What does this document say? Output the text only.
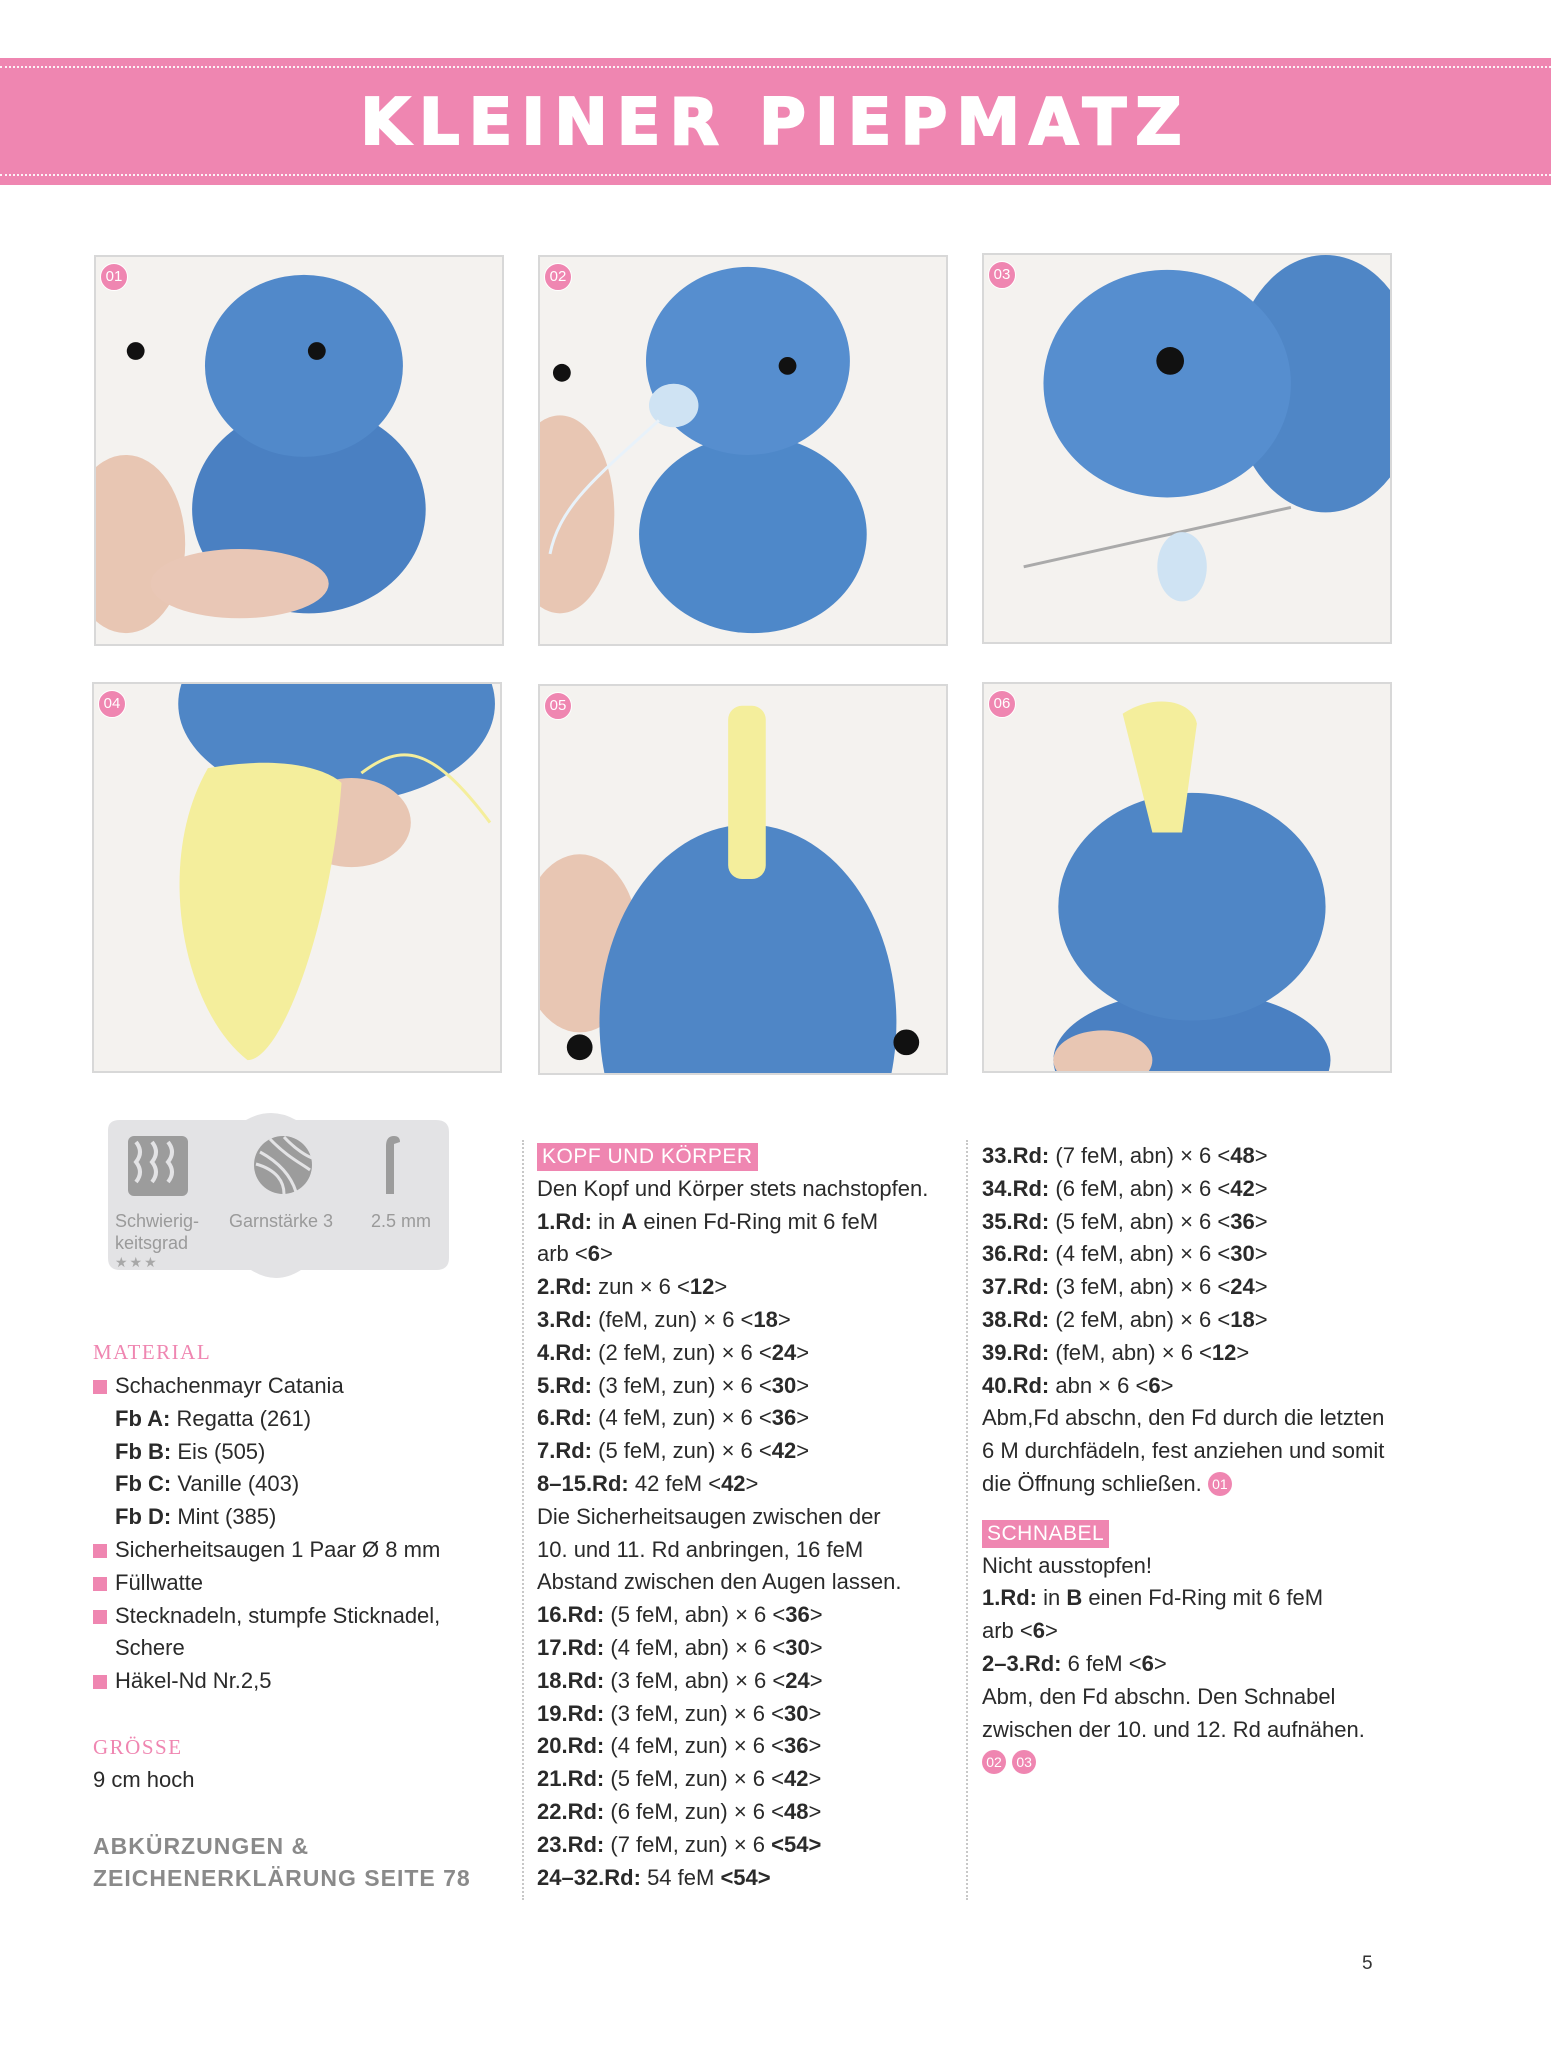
KLEINER PIEPMATZ
01	02	03
04	05	06
Schwierig-
keitsgrad
Garnstärke 3 2.5 mm
★★★
MATERIAL
Schachenmayr Catania
Fb A: Regatta (261)
Fb B: Eis (505)
Fb C: Vanille (403)
Fb D: Mint (385)
Sicherheitsaugen 1 Paar Ø 8 mm
Füllwatte
Stecknadeln, stumpfe Sticknadel,
Schere
Häkel-Nd Nr.2,5
GRÖSSE
9 cm hoch
ABKÜRZUNGEN &
ZEICHENERKLÄRUNG SEITE 78
KOPF UND KÖRPER
Den Kopf und Körper stets nachstopfen.
1.Rd: in A einen Fd-Ring mit 6 feM
arb <6>
2.Rd: zun × 6 <12>
3.Rd: (feM, zun) × 6 <18>
4.Rd: (2 feM, zun) × 6 <24>
5.Rd: (3 feM, zun) × 6 <30>
6.Rd: (4 feM, zun) × 6 <36>
7.Rd: (5 feM, zun) × 6 <42>
8–15.Rd: 42 feM <42>
Die Sicherheitsaugen zwischen der
10. und 11. Rd anbringen, 16 feM
Abstand zwischen den Augen lassen.
16.Rd: (5 feM, abn) × 6 <36>
17.Rd: (4 feM, abn) × 6 <30>
18.Rd: (3 feM, abn) × 6 <24>
19.Rd: (3 feM, zun) × 6 <30>
20.Rd: (4 feM, zun) × 6 <36>
21.Rd: (5 feM, zun) × 6 <42>
22.Rd: (6 feM, zun) × 6 <48>
23.Rd: (7 feM, zun) × 6 <54>
24–32.Rd: 54 feM <54>
33.Rd: (7 feM, abn) × 6 <48>
34.Rd: (6 feM, abn) × 6 <42>
35.Rd: (5 feM, abn) × 6 <36>
36.Rd: (4 feM, abn) × 6 <30>
37.Rd: (3 feM, abn) × 6 <24>
38.Rd: (2 feM, abn) × 6 <18>
39.Rd: (feM, abn) × 6 <12>
40.Rd: abn × 6 <6>
Abm,Fd abschn, den Fd durch die letzten
6 M durchfädeln, fest anziehen und somit
die Öffnung schließen. 01
SCHNABEL
Nicht ausstopfen!
1.Rd: in B einen Fd-Ring mit 6 feM
arb <6>
2–3.Rd: 6 feM <6>
Abm, den Fd abschn. Den Schnabel
zwischen der 10. und 12. Rd aufnähen.
02 03
5
